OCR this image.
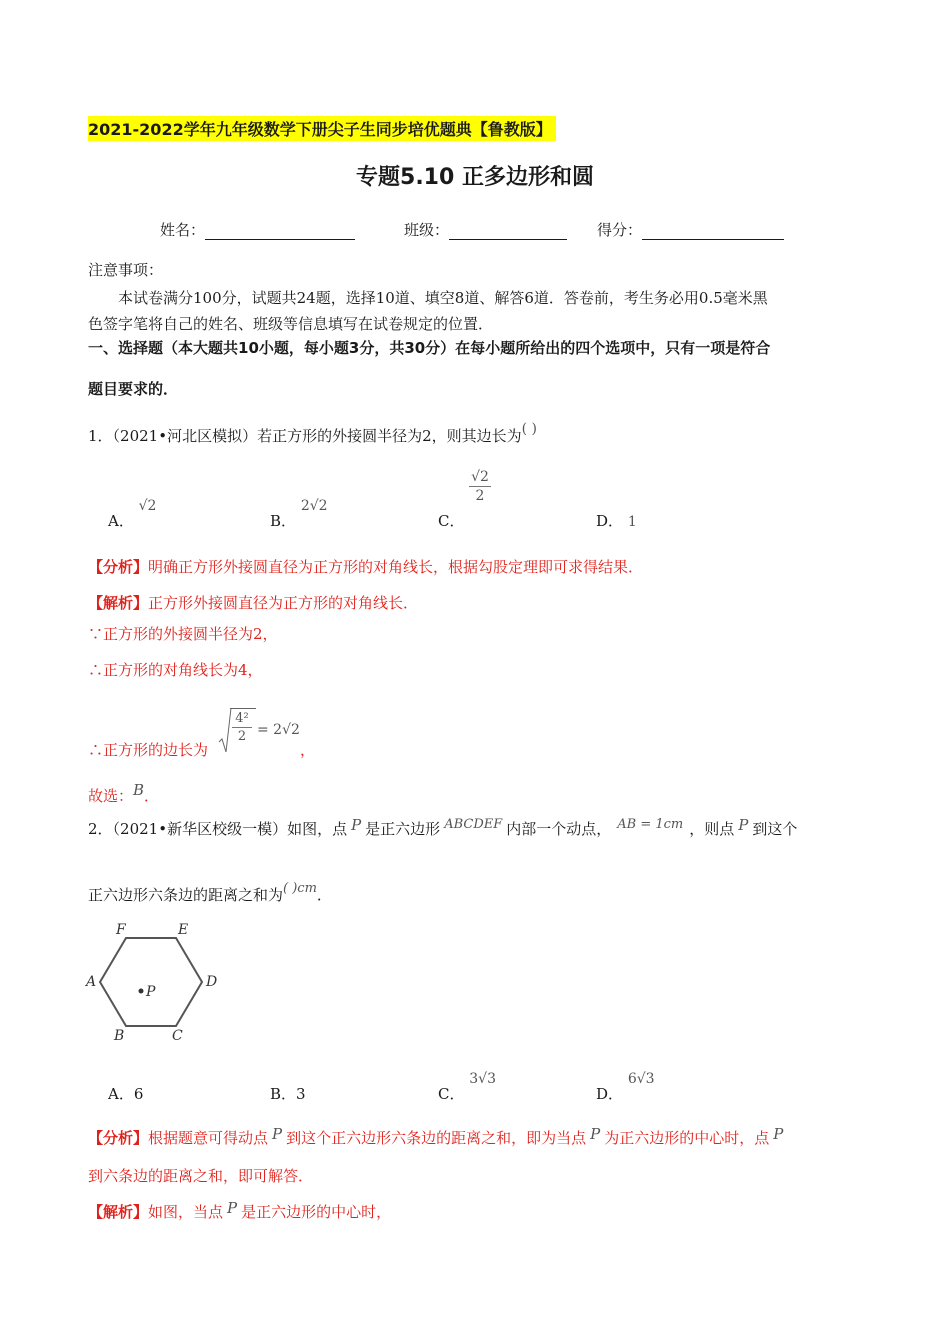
2021-2022学年九年级数学下册尖子生同步培优题典【鲁教版】
专题5.10 正多边形和圆
姓名：	班级：	得分：
注意事项：
本试卷满分100分，试题共24题，选择10道、填空8道、解答6道．答卷前，考生务必用0.5毫米黑
色签字笔将自己的姓名、班级等信息填写在试卷规定的位置．
一、选择题（本大题共10小题，每小题3分，共30分）在每小题所给出的四个选项中，只有一项是符合
题目要求的．
1．（2021•河北区模拟）若正方形的外接圆半径为2，则其边长为( )
A． √2
B． 2√2
C．
$\frac{√2}{2}$
D． 1
【分析】明确正方形外接圆直径为正方形的对角线长，根据勾股定理即可求得结果．
【解析】正方形外接圆直径为正方形的对角线长．
∵正方形的外接圆半径为2，
∴正方形的对角线长为4，
∴正方形的边长为
$\frac{\text{4²}}{2} = 2√2$
，
故选：B．
2．（2021•新华区校级一模）如图，点 P 是正六边形 ABCDEF 内部一个动点， AB = 1cm ，则点 P 到这个
正六边形六条边的距离之和为( )cm．
F	E
A	D
B	C
P
A．6	B．3	C． 3√3
D． 6√3
【分析】根据题意可得动点 P 到这个正六边形六条边的距离之和，即为当点 P 为正六边形的中心时，点 P
到六条边的距离之和，即可解答．
【解析】如图，当点 P 是正六边形的中心时，
